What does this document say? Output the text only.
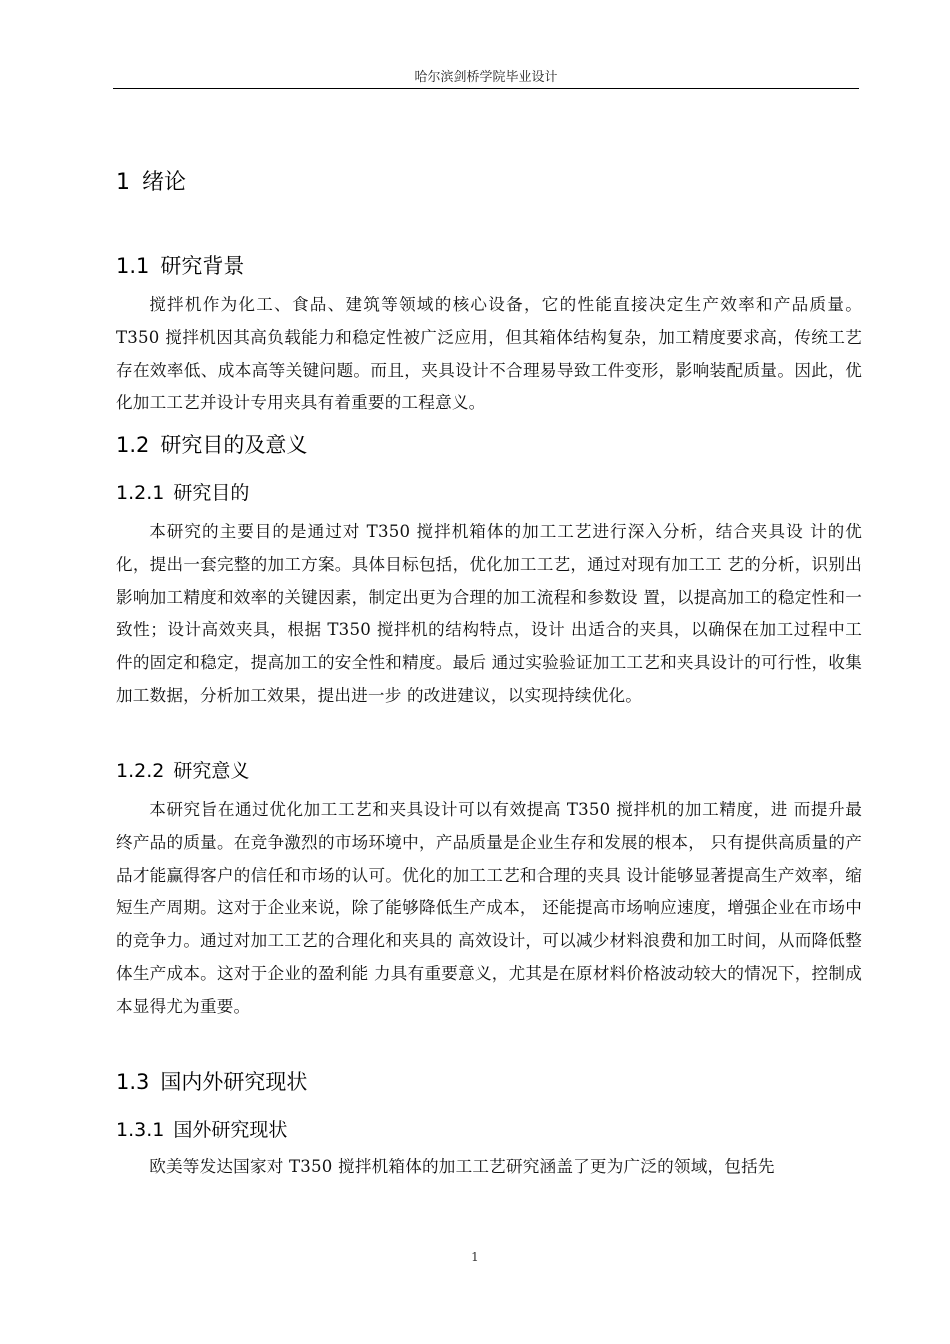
哈尔滨剑桥学院毕业设计
1 绪论
1.1 研究背景

搅拌机作为化工、食品、建筑等领域的核心设备，它的性能直接决定生产效率和产品质量。T350 搅拌机因其高负载能力和稳定性被广泛应用，但其箱体结构复杂，加工精度要求高，传统工艺存在效率低、成本高等关键问题。而且，夹具设计不合理易导致工件变形，影响装配质量。因此，优化加工工艺并设计专用夹具有着重要的工程意义。

1.2 研究目的及意义
1.2.1 研究目的

本研究的主要目的是通过对 T350 搅拌机箱体的加工工艺进行深入分析，结合夹具设 计的优化，提出一套完整的加工方案。具体目标包括，优化加工工艺，通过对现有加工工 艺的分析，识别出影响加工精度和效率的关键因素，制定出更为合理的加工流程和参数设 置，以提高加工的稳定性和一致性；设计高效夹具，根据 T350 搅拌机的结构特点，设计 出适合的夹具，以确保在加工过程中工件的固定和稳定，提高加工的安全性和精度。最后 通过实验验证加工工艺和夹具设计的可行性，收集加工数据，分析加工效果，提出进一步 的改进建议，以实现持续优化。

1.2.2 研究意义

本研究旨在通过优化加工工艺和夹具设计可以有效提高 T350 搅拌机的加工精度，进 而提升最终产品的质量。在竞争激烈的市场环境中，产品质量是企业生存和发展的根本， 只有提供高质量的产品才能赢得客户的信任和市场的认可。优化的加工工艺和合理的夹具 设计能够显著提高生产效率，缩短生产周期。这对于企业来说，除了能够降低生产成本， 还能提高市场响应速度，增强企业在市场中的竞争力。通过对加工工艺的合理化和夹具的 高效设计，可以减少材料浪费和加工时间，从而降低整体生产成本。这对于企业的盈利能 力具有重要意义，尤其是在原材料价格波动较大的情况下，控制成本显得尤为重要。

1.3 国内外研究现状
1.3.1 国外研究现状

欧美等发达国家对 T350 搅拌机箱体的加工工艺研究涵盖了更为广泛的领域，包括先

1
